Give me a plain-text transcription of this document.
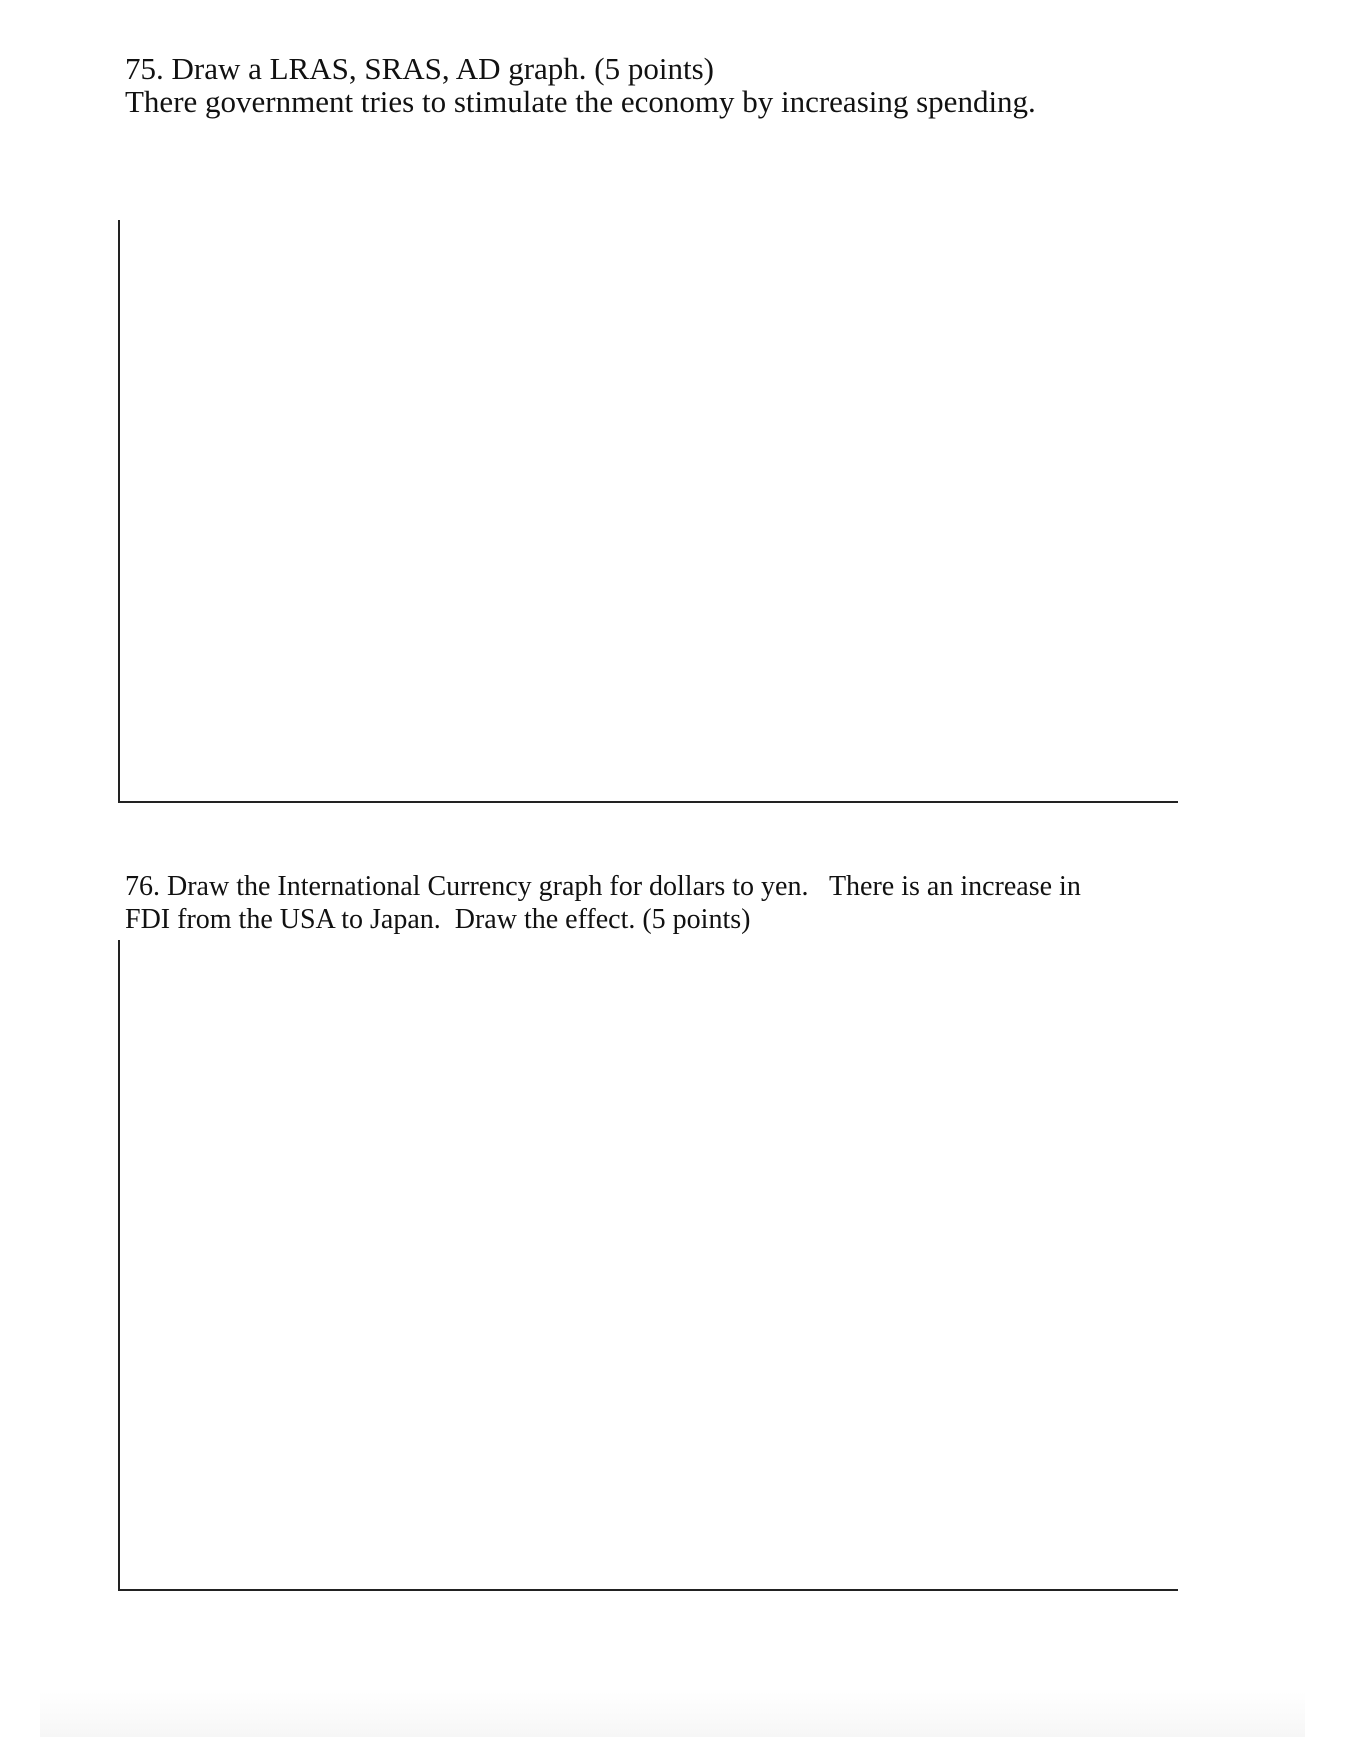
75. Draw a LRAS, SRAS, AD graph. (5 points)
There government tries to stimulate the economy by increasing spending.
76. Draw the International Currency graph for dollars to yen.   There is an increase in
FDI from the USA to Japan.  Draw the effect. (5 points)
